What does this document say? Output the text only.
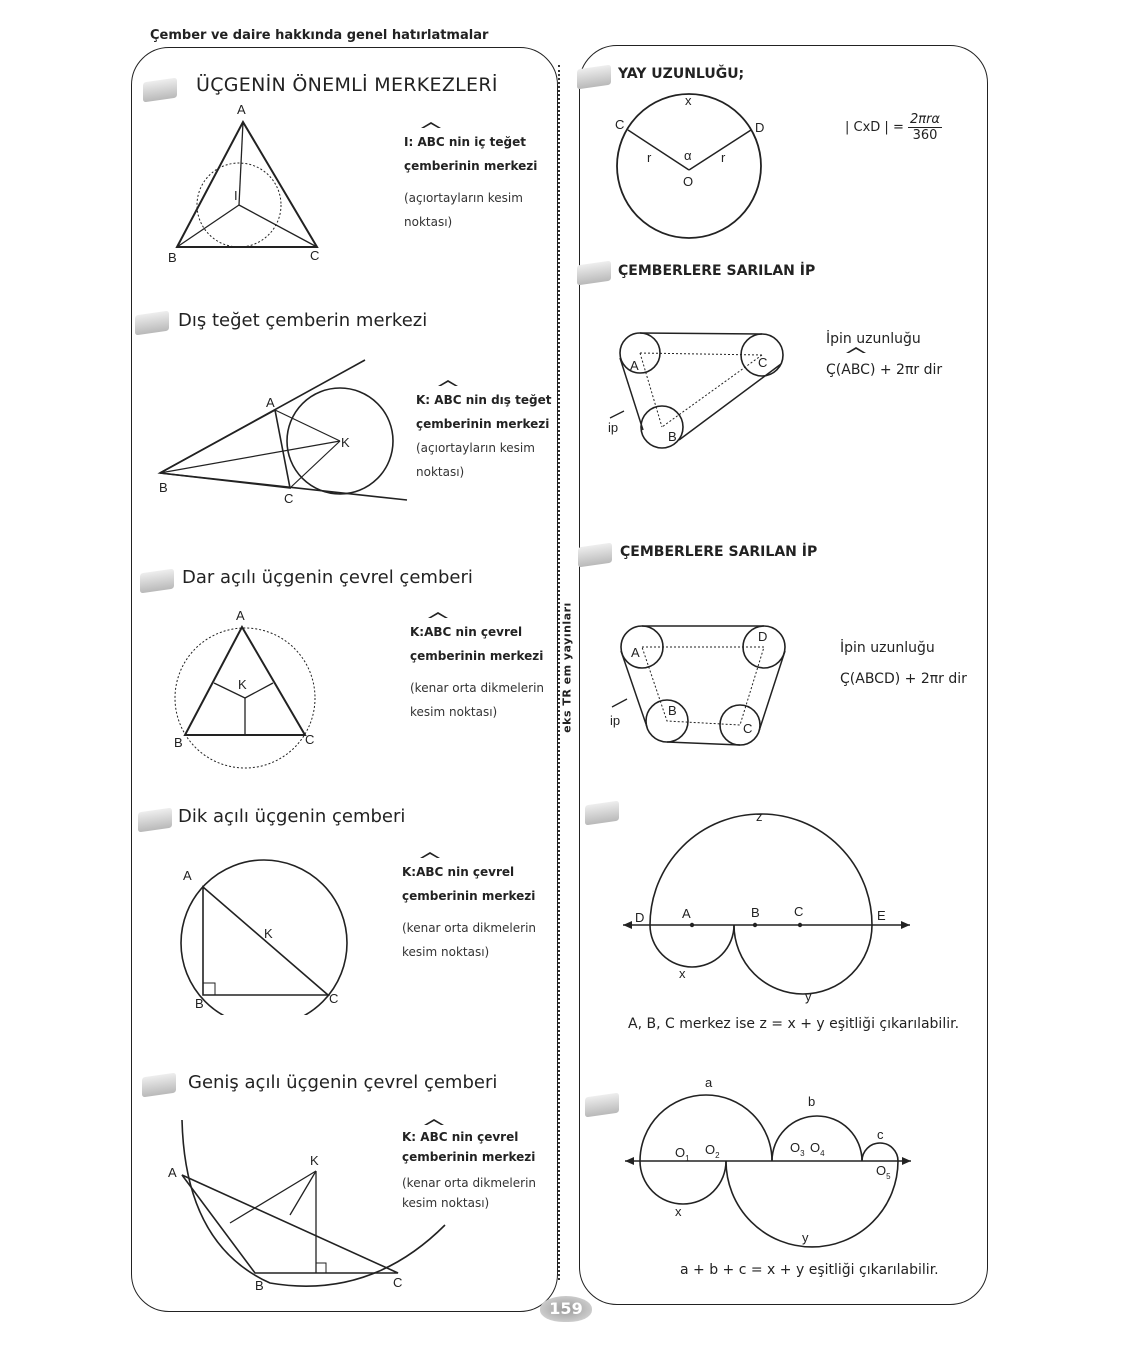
Çember ve daire hakkında genel hatırlatmalar
eks TR em yayınları
ÜÇGENİN ÖNEMLİ MERKEZLERİ
A
I
B	C
I: ABC nin iç teğet
çemberinin merkezi
(açıortayların kesim
noktası)
Dış teğet çemberin merkezi
A
K
B
C
K: ABC nin dış teğet
çemberinin merkezi
(açıortayların kesim
noktası)
Dar açılı üçgenin çevrel çemberi
A
K
B	C
K:ABC nin çevrel
çemberinin merkezi
(kenar orta dikmelerin
kesim noktası)
Dik açılı üçgenin çemberi
A
K
B	C
K:ABC nin çevrel
çemberinin merkezi
(kenar orta dikmelerin
kesim noktası)
Geniş açılı üçgenin çevrel çemberi
A
K
B	C
K: ABC nin çevrel
çemberinin merkezi
(kenar orta dikmelerin
kesim noktası)
YAY UZUNLUĞU;
x
C	D
r	r
α
O
| CxD | = $\frac{\text{2πrα}}{360}$
ÇEMBERLERE SARILAN İP
A	C
B
ip
İpin uzunluğu
Ç(ABC) + 2πr dir
ÇEMBERLERE SARILAN İP
A
D
B
C
ip
İpin uzunluğu
Ç(ABCD) + 2πr dir
z
D	A	B	C	E
x
y
A, B, C merkez ise z = x + y eşitliği çıkarılabilir.
a
b
c
$O_1$
$O_2$
$O_3$ $O_4$
$O_5$
x
y
a + b + c = x + y eşitliği çıkarılabilir.
159
